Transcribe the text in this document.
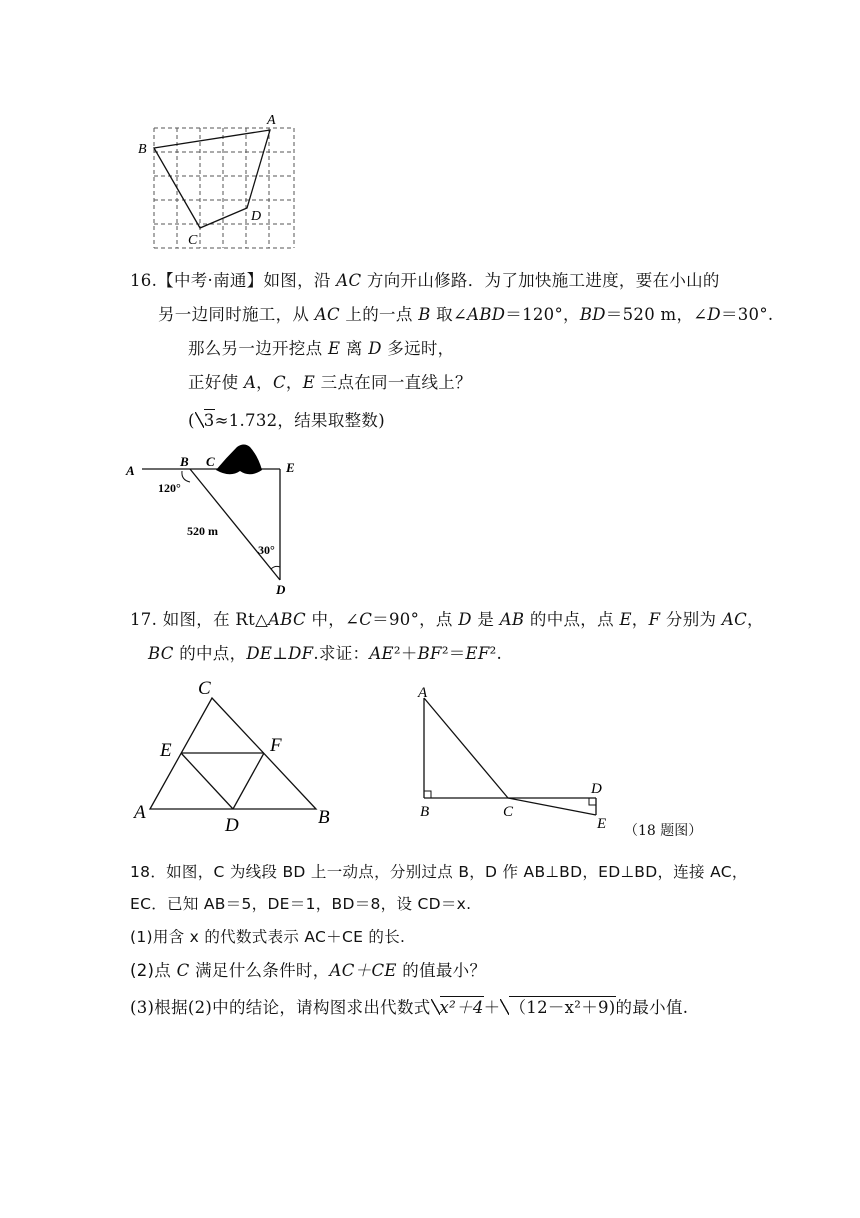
A
B
C
D
16.【中考·南通】如图，沿 AC 方向开山修路．为了加快施工进度，要在小山的
另一边同时施工，从 AC 上的一点 B 取∠ABD＝120°，BD＝520 m，∠D＝30°.
那么另一边开挖点 E 离 D 多远时，
正好使 A，C，E 三点在同一直线上？
( 3≈1.732，结果取整数)
A
B C	E
D
120°
520 m
30°
17. 如图，在 Rt△ABC 中，∠C＝90°，点 D 是 AB 的中点，点 E，F 分别为 AC，
BC 的中点，DE⊥DF.求证：AE²＋BF²＝EF².
C
E	F
A
D	B
A
B	C
D
E （18 题图）
18．如图，C 为线段 BD 上一动点，分别过点 B，D 作 AB⊥BD，ED⊥BD，连接 AC，
EC．已知 AB＝5，DE＝1，BD＝8，设 CD＝x.
(1)用含 x 的代数式表示 AC＋CE 的长.
(2)点 C 满足什么条件时，AC＋CE 的值最小？
(3)根据(2)中的结论，请构图求出代数式 x²＋4＋ （12－x²＋9)的最小值.
